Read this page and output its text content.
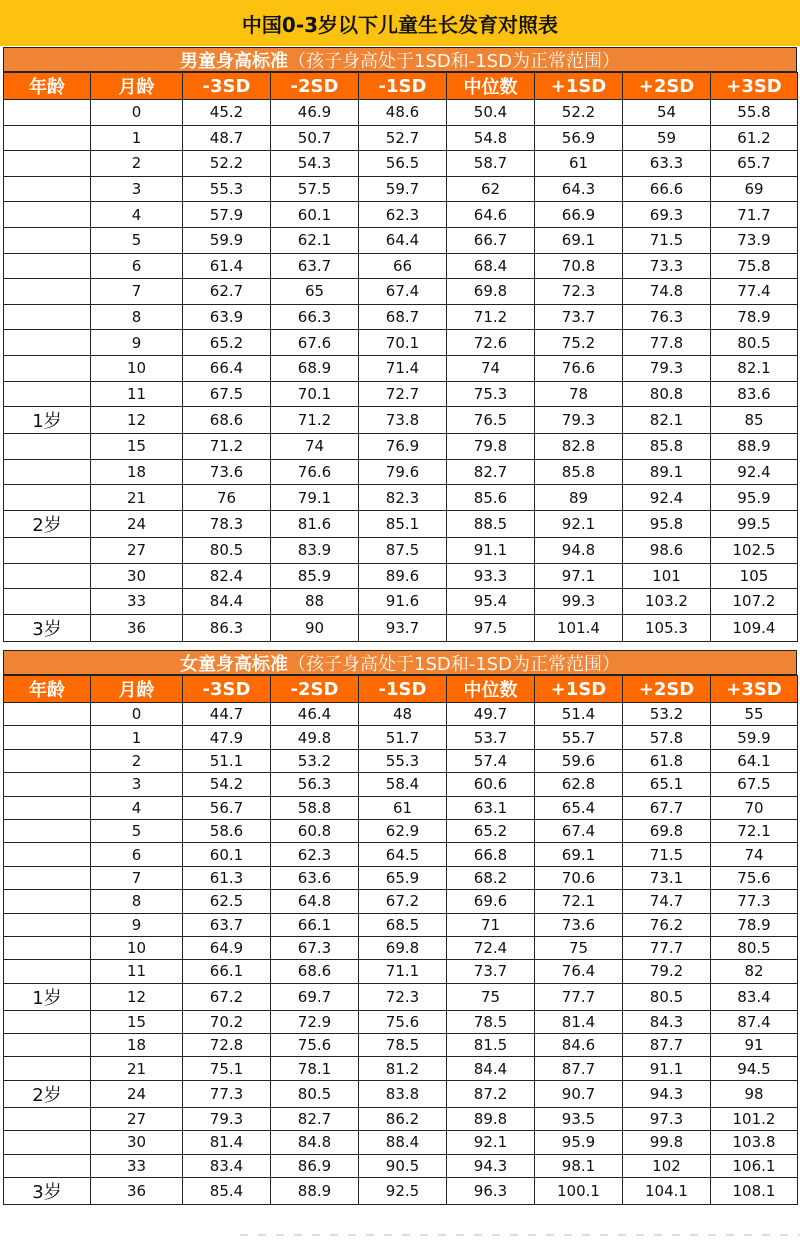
中国0-3岁以下儿童生长发育对照表
男童身高标准 （孩子身高处于1SD和-1SD为正常范围）
年龄	月龄	-3SD	-2SD	-1SD	中位数	+1SD	+2SD	+3SD
	0	45.2	46.9	48.6	50.4	52.2	54	55.8
	1	48.7	50.7	52.7	54.8	56.9	59	61.2
	2	52.2	54.3	56.5	58.7	61	63.3	65.7
	3	55.3	57.5	59.7	62	64.3	66.6	69
	4	57.9	60.1	62.3	64.6	66.9	69.3	71.7
	5	59.9	62.1	64.4	66.7	69.1	71.5	73.9
	6	61.4	63.7	66	68.4	70.8	73.3	75.8
	7	62.7	65	67.4	69.8	72.3	74.8	77.4
	8	63.9	66.3	68.7	71.2	73.7	76.3	78.9
	9	65.2	67.6	70.1	72.6	75.2	77.8	80.5
	10	66.4	68.9	71.4	74	76.6	79.3	82.1
	11	67.5	70.1	72.7	75.3	78	80.8	83.6
1岁	12	68.6	71.2	73.8	76.5	79.3	82.1	85
	15	71.2	74	76.9	79.8	82.8	85.8	88.9
	18	73.6	76.6	79.6	82.7	85.8	89.1	92.4
	21	76	79.1	82.3	85.6	89	92.4	95.9
2岁	24	78.3	81.6	85.1	88.5	92.1	95.8	99.5
	27	80.5	83.9	87.5	91.1	94.8	98.6	102.5
	30	82.4	85.9	89.6	93.3	97.1	101	105
	33	84.4	88	91.6	95.4	99.3	103.2	107.2
3岁	36	86.3	90	93.7	97.5	101.4	105.3	109.4
女童身高标准 （孩子身高处于1SD和-1SD为正常范围）
年龄	月龄	-3SD	-2SD	-1SD	中位数	+1SD	+2SD	+3SD
	0	44.7	46.4	48	49.7	51.4	53.2	55
	1	47.9	49.8	51.7	53.7	55.7	57.8	59.9
	2	51.1	53.2	55.3	57.4	59.6	61.8	64.1
	3	54.2	56.3	58.4	60.6	62.8	65.1	67.5
	4	56.7	58.8	61	63.1	65.4	67.7	70
	5	58.6	60.8	62.9	65.2	67.4	69.8	72.1
	6	60.1	62.3	64.5	66.8	69.1	71.5	74
	7	61.3	63.6	65.9	68.2	70.6	73.1	75.6
	8	62.5	64.8	67.2	69.6	72.1	74.7	77.3
	9	63.7	66.1	68.5	71	73.6	76.2	78.9
	10	64.9	67.3	69.8	72.4	75	77.7	80.5
	11	66.1	68.6	71.1	73.7	76.4	79.2	82
1岁	12	67.2	69.7	72.3	75	77.7	80.5	83.4
	15	70.2	72.9	75.6	78.5	81.4	84.3	87.4
	18	72.8	75.6	78.5	81.5	84.6	87.7	91
	21	75.1	78.1	81.2	84.4	87.7	91.1	94.5
2岁	24	77.3	80.5	83.8	87.2	90.7	94.3	98
	27	79.3	82.7	86.2	89.8	93.5	97.3	101.2
	30	81.4	84.8	88.4	92.1	95.9	99.8	103.8
	33	83.4	86.9	90.5	94.3	98.1	102	106.1
3岁	36	85.4	88.9	92.5	96.3	100.1	104.1	108.1
